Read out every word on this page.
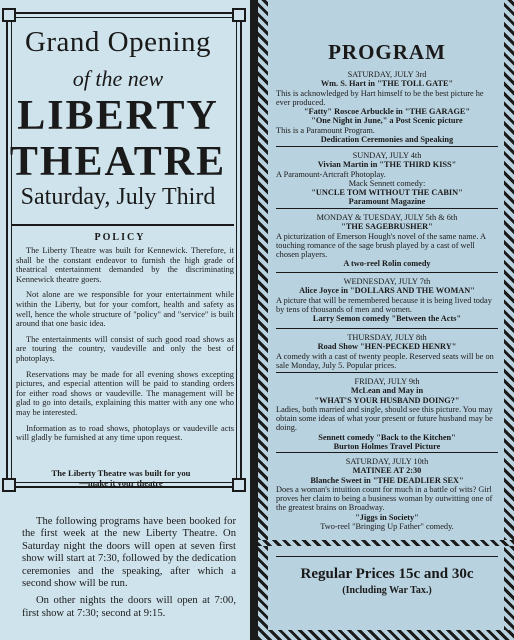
Grand Opening
of the new
LIBERTY
THEATRE
Saturday, July Third
POLICY

The Liberty Theatre was built for Kennewick. Therefore, it shall be the constant endeavor to furnish the high grade of theatrical entertainment demanded by the discriminating Kennewick theatre goers.

Not alone are we responsible for your entertainment while within the Liberty, but for your comfort, health and safety as well, hence the whole structure of "policy" and "service" is built around that one basic idea.

The entertainments will consist of such good road shows as are touring the country, vaudeville and only the best of photoplays.

Reservations may be made for all evening shows excepting pictures, and especial attention will be paid to standing orders for either road shows or vaudeville. The management will be glad to go into details, explaining this matter with any one who may be interested.

Information as to road shows, photoplays or vaudeville acts will gladly be furnished at any time upon request.

The Liberty Theatre was built for you
—make it your theatre

The following programs have been booked for the first week at the new Liberty Theatre. On Saturday night the doors will open at seven first show will start at 7:30, followed by the dedication ceremonies and the speaking, after which a second show will be run.

On other nights the doors will open at 7:00, first show at 7:30; second at 9:15.

PROGRAM
SATURDAY, JULY 3rd
Wm. S. Hart in "THE TOLL GATE"
This is acknowledged by Hart himself to be the best picture he ever produced.
"Fatty" Roscoe Arbuckle in "THE GARAGE"
"One Night in June," a Post Scenic picture
This is a Paramount Program.
Dedication Ceremonies and Speaking
SUNDAY, JULY 4th
Vivian Martin in "THE THIRD KISS"
A Paramount-Artcraft Photoplay.
Mack Sennett comedy:
"UNCLE TOM WITHOUT THE CABIN"
Paramount Magazine
MONDAY & TUESDAY, JULY 5th & 6th
"THE SAGEBRUSHER"
A picturization of Emerson Hough's novel of the same name. A touching romance of the sage brush played by a cast of well chosen players.
A two-reel Rolin comedy
WEDNESDAY, JULY 7th
Alice Joyce in "DOLLARS AND THE WOMAN"
A picture that will be remembered because it is being lived today by tens of thousands of men and women.
Larry Semon comedy "Between the Acts"
THURSDAY, JULY 8th
Road Show "HEN-PECKED HENRY"
A comedy with a cast of twenty people. Reserved seats will be on sale Monday, July 5. Popular prices.
FRIDAY, JULY 9th
McLean and May in
"WHAT'S YOUR HUSBAND DOING?"
Ladies, both married and single, should see this picture. You may obtain some ideas of what your present or future husband may be doing.
Sennett comedy "Back to the Kitchen"
Burton Holmes Travel Picture
SATURDAY, JULY 10th
MATINEE AT 2:30
Blanche Sweet in "THE DEADLIER SEX"
Does a woman's intuition count for much in a battle of wits? Girl proves her claim to being a business woman by outwitting one of the greatest brains on Broadway.
"Jiggs in Society"
Two-reel "Bringing Up Father" comedy.
Regular Prices 15c and 30c
(Including War Tax.)
